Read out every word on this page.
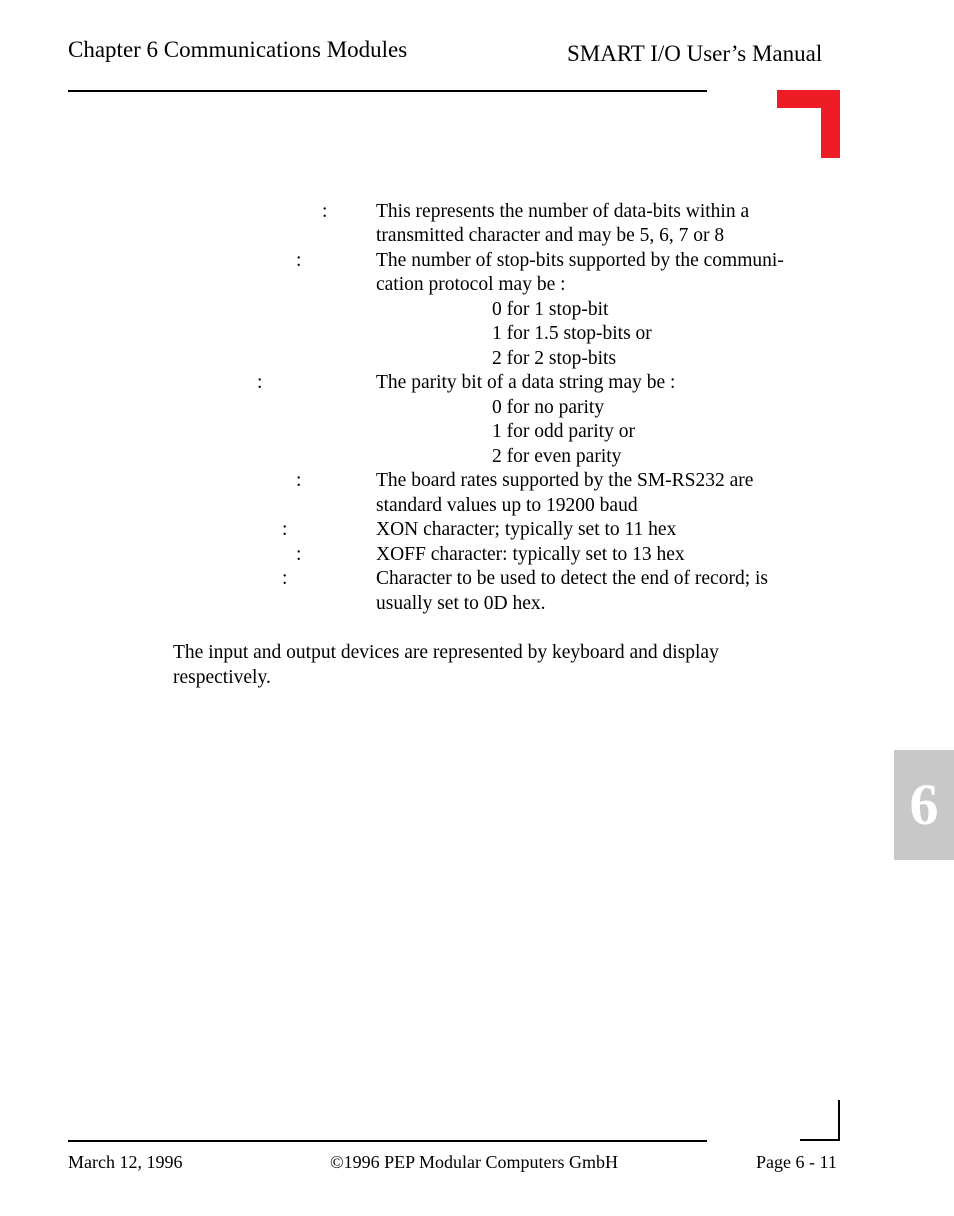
Chapter 6 Communications Modules	SMART I/O User’s Manual
: This represents the number of data-bits within a
transmitted character and may be 5, 6, 7 or 8
:	The number of stop-bits supported by the communi-
cation protocol may be :
0 for 1 stop-bit
1 for 1.5 stop-bits or
2 for 2 stop-bits
:	The parity bit of a data string may be :
0 for no parity
1 for odd parity or
2 for even parity
:	The board rates supported by the SM-RS232 are
standard values up to 19200 baud
:	XON character; typically set to 11 hex
:	XOFF character: typically set to 13 hex
:	Character to be used to detect the end of record; is
usually set to 0D hex.
The input and output devices are represented by keyboard and display
respectively.
6
March 12, 1996	©1996 PEP Modular Computers GmbH	Page 6 - 11
